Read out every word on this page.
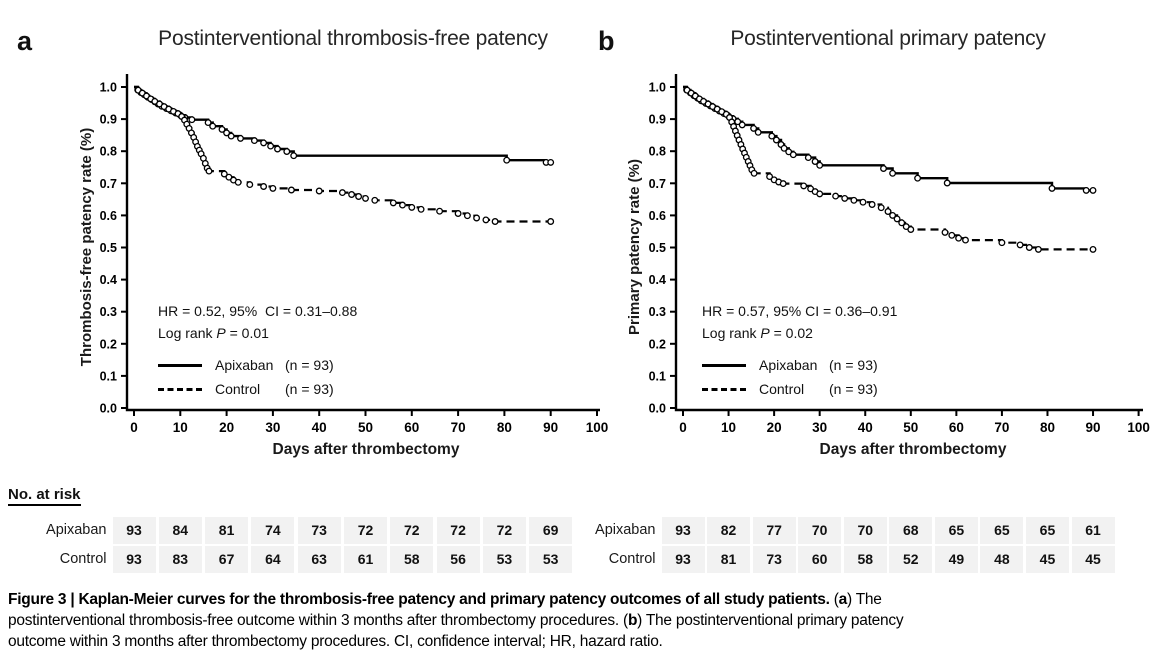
0.0
0.1
0.2
0.3
0.4
0.5
0.6
0.7
0.8
0.9
1.0
0	10 20 30 40 50 60 70 80 90 100
0.0
0.1
0.2
0.3
0.4
0.5
0.6
0.7
0.8
0.9
1.0
0	10 20 30 40 50 60 70 80 90 100
a	Postinterventional thrombosis-free patency
Thrombosis-free patency rate (%)
Days after thrombectomy
HR = 0.52, 95%  CI = 0.31–0.88
Log rank P = 0.01
Apixaban (n = 93)
Control	(n = 93)
b	Postinterventional primary patency
Primary patency rate (%)
Days after thrombectomy
HR = 0.57, 95% CI = 0.36–0.91
Log rank P = 0.02
Apixaban (n = 93)
Control	(n = 93)
No. at risk
Apixaban	93	84	81	74	73	72	72	72	72	69
Control	93	83	67	64	63	61	58	56	53	53
Apixaban	93	82	77	70	70	68	65	65	65	61
Control	93	81	73	60	58	52	49	48	45	45
Figure 3 | Kaplan-Meier curves for the thrombosis-free patency and primary patency outcomes of all study patients. (a) The
postinterventional thrombosis-free outcome within 3 months after thrombectomy procedures. (b) The postinterventional primary patency
outcome within 3 months after thrombectomy procedures. CI, confidence interval; HR, hazard ratio.
